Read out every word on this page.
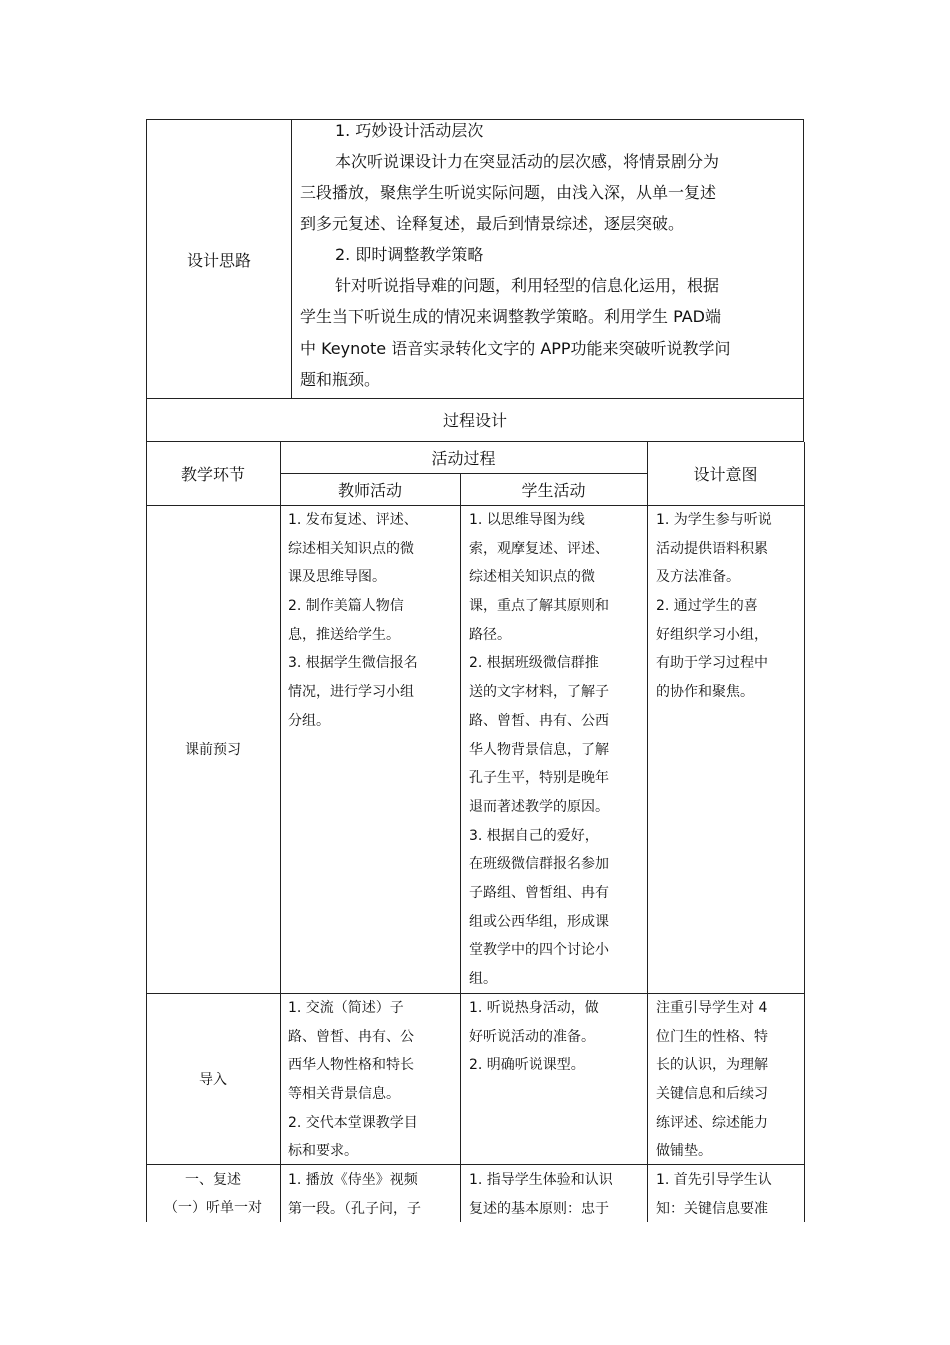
设计思路
1. 巧妙设计活动层次
本次听说课设计力在突显活动的层次感，将情景剧分为
三段播放，聚焦学生听说实际问题，由浅入深，从单一复述
到多元复述、诠释复述，最后到情景综述，逐层突破。
2. 即时调整教学策略
针对听说指导难的问题，利用轻型的信息化运用，根据
学生当下听说生成的情况来调整教学策略。利用学生 PAD端
中 Keynote 语音实录转化文字的 APP功能来突破听说教学问
题和瓶颈。
过程设计
教学环节
活动过程
教师活动	学生活动
设计意图
课前预习
1. 发布复述、评述、
综述相关知识点的微
课及思维导图。
2. 制作美篇人物信
息，推送给学生。
3. 根据学生微信报名
情况，进行学习小组
分组。
1. 以思维导图为线
索，观摩复述、评述、
综述相关知识点的微
课，重点了解其原则和
路径。
2. 根据班级微信群推
送的文字材料，了解子
路、曾皙、冉有、公西
华人物背景信息，了解
孔子生平，特别是晚年
退而著述教学的原因。
3. 根据自己的爱好，
在班级微信群报名参加
子路组、曾皙组、冉有
组或公西华组，形成课
堂教学中的四个讨论小
组。
1. 为学生参与听说
活动提供语料积累
及方法准备。
2. 通过学生的喜
好组织学习小组，
有助于学习过程中
的协作和聚焦。
导入
1. 交流（简述）子
路、曾皙、冉有、公
西华人物性格和特长
等相关背景信息。
2. 交代本堂课教学目
标和要求。
1. 听说热身活动，做
好听说活动的准备。
2. 明确听说课型。
注重引导学生对 4
位门生的性格、特
长的认识，为理解
关键信息和后续习
练评述、综述能力
做铺垫。
一、复述
（一）听单一对
1. 播放《侍坐》视频
第一段。（孔子问，子
1. 指导学生体验和认识
复述的基本原则：忠于
1. 首先引导学生认
知：关键信息要准
